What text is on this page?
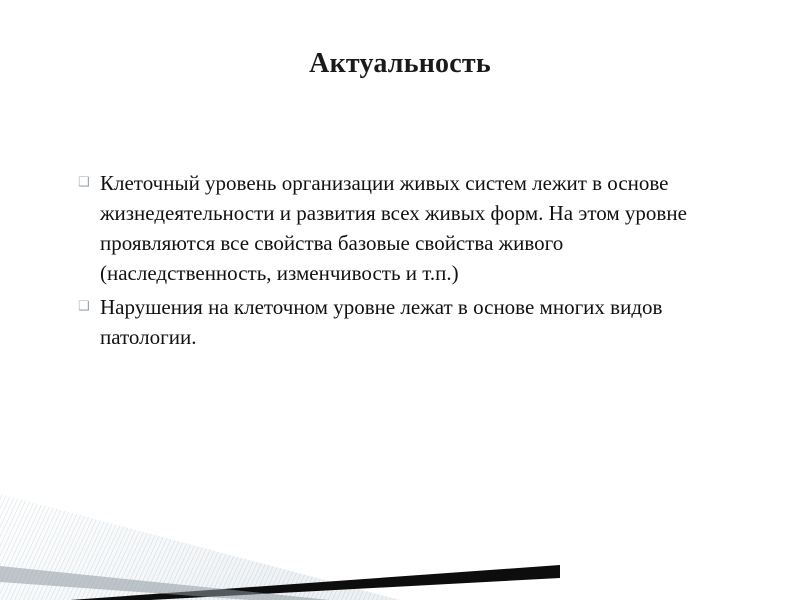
Актуальность
❑ Клеточный уровень организации живых систем лежит в основе жизнедеятельности и развития всех живых форм. На этом уровне проявляются все свойства базовые свойства живого (наследственность, изменчивость и т.п.)
❑ Нарушения на клеточном уровне лежат в основе многих видов патологии.
